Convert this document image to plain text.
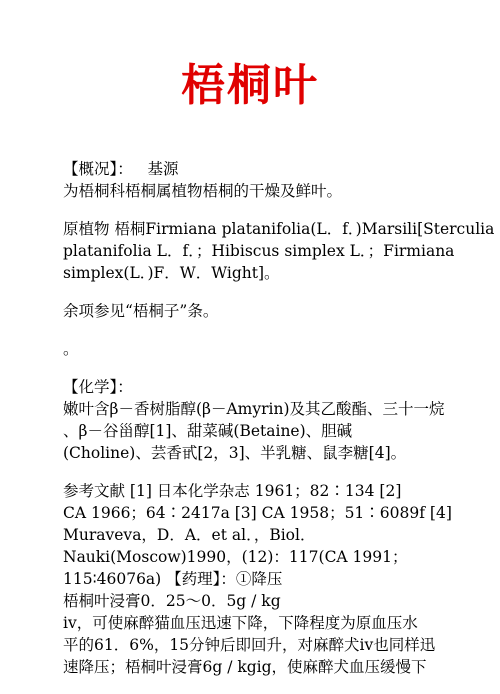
梧桐叶
【概况】： 基源
为梧桐科梧桐属植物梧桐的干燥及鲜叶。
原植物 梧桐Firmiana platanifolia(L．f．)Marsili[Sterculia
platanifolia L．f．；Hibiscus simplex L．；Firmiana
simplex(L．)F．W．Wight]。
余项参见“梧桐子”条。
。
【化学】：
嫩叶含β－香树脂醇(β－Amyrin)及其乙酸酯、三十一烷
、β－谷甾醇[1]、甜菜碱(Betaine)、胆碱
(Choline)、芸香甙[2，3]、半乳糖、鼠李糖[4]。
参考文献 [1] 日本化学杂志 1961；82∶134 [2]
CA 1966；64∶2417a [3] CA 1958；51∶6089f [4]
Muraveva，D．A．et al．，Biol．
Nauki(Moscow)1990，(12)：117(CA 1991；
115∶46076a) 【药理】：①降压
梧桐叶浸膏0．25～0．5g / kg
iv，可使麻醉猫血压迅速下降，下降程度为原血压水
平的61．6%，15分钟后即回升，对麻醉犬iv也同样迅
速降压；梧桐叶浸膏6g / kgig，使麻醉犬血压缓慢下
